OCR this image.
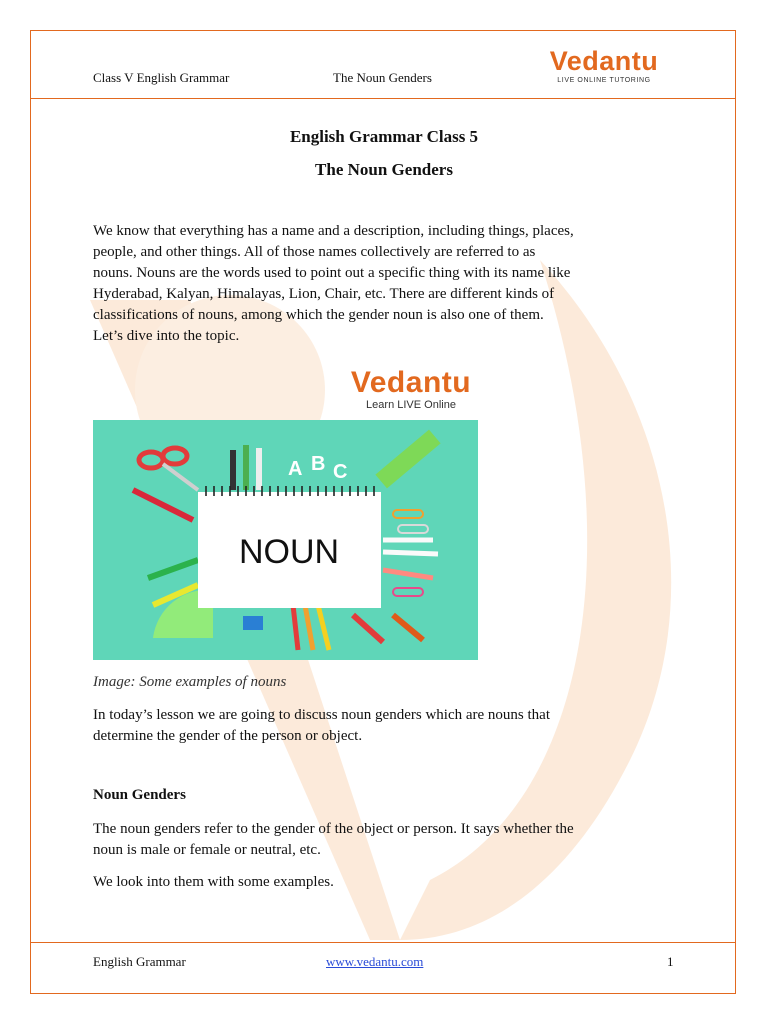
Class V English Grammar	The Noun Genders
Vedantu
LIVE ONLINE TUTORING
English Grammar Class 5
The Noun Genders
We know that everything has a name and a description, including things, places,
people, and other things. All of those names collectively are referred to as
nouns. Nouns are the words used to point out a specific thing with its name like
Hyderabad, Kalyan, Himalayas, Lion, Chair, etc. There are different kinds of
classifications of nouns, among which the gender noun is also one of them.
Let’s dive into the topic.
Vedantu
Learn LIVE Online
NOUN
A B C
Image: Some examples of nouns
In today’s lesson we are going to discuss noun genders which are nouns that
determine the gender of the person or object.
Noun Genders
The noun genders refer to the gender of the object or person. It says whether the
noun is male or female or neutral, etc.
We look into them with some examples.
English Grammar	www.vedantu.com	1
